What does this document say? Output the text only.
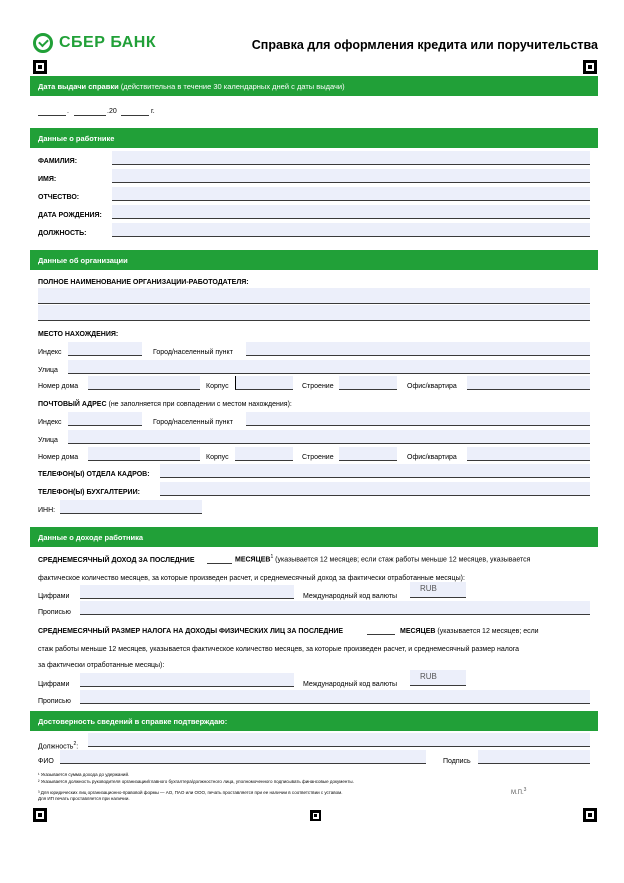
СБЕР БАНК	Справка для оформления кредита или поручительства
Дата выдачи справки (действительна в течение 30 календарных дней с даты выдачи)
.	.20	г.
Данные о работнике
ФАМИЛИЯ:
ИМЯ:
ОТЧЕСТВО:
ДАТА РОЖДЕНИЯ:
ДОЛЖНОСТЬ:
Данные об организации
ПОЛНОЕ НАИМЕНОВАНИЕ ОРГАНИЗАЦИИ-РАБОТОДАТЕЛЯ:
МЕСТО НАХОЖДЕНИЯ:
Индекс	Город/населенный пункт
Улица
Номер дома	Корпус	Строение	Офис/квартира
ПОЧТОВЫЙ АДРЕС (не заполняется при совпадении с местом нахождения):
Индекс	Город/населенный пункт
Улица
Номер дома	Корпус	Строение	Офис/квартира
ТЕЛЕФОН(Ы) ОТДЕЛА КАДРОВ:
ТЕЛЕФОН(Ы) БУХГАЛТЕРИИ:
ИНН:
Данные о доходе работника
СРЕДНЕМЕСЯЧНЫЙ ДОХОД ЗА ПОСЛЕДНИЕ	МЕСЯЦЕВ$^1$ (указывается 12 месяцев; если стаж работы меньше 12 месяцев, указывается
фактическое количество месяцев, за которые произведен расчет, и среднемесячный доход за фактически отработанные месяцы):
Цифрами	Международный код валюты
RUB
Прописью
СРЕДНЕМЕСЯЧНЫЙ РАЗМЕР НАЛОГА НА ДОХОДЫ ФИЗИЧЕСКИХ ЛИЦ ЗА ПОСЛЕДНИЕ	МЕСЯЦЕВ (указывается 12 месяцев; если
стаж работы меньше 12 месяцев, указывается фактическое количество месяцев, за которые произведен расчет, и среднемесячный размер налога
за фактически отработанные месяцы):
Цифрами	Международный код валюты
RUB
Прописью
Достоверность сведений в справке подтверждаю:
Должность$^2$:
ФИО	Подпись
¹ Указывается сумма дохода до удержаний.
² Указывается должность руководителя организации/главного бухгалтера/должностного лица, уполномоченного подписывать финансовые документы.
³ Для юридических лиц организационно-правовой формы — АО, ПАО или ООО, печать проставляется при ее наличии в соответствии с уставом.
Для ИП печать проставляется при наличии.
М.П.$^3$
